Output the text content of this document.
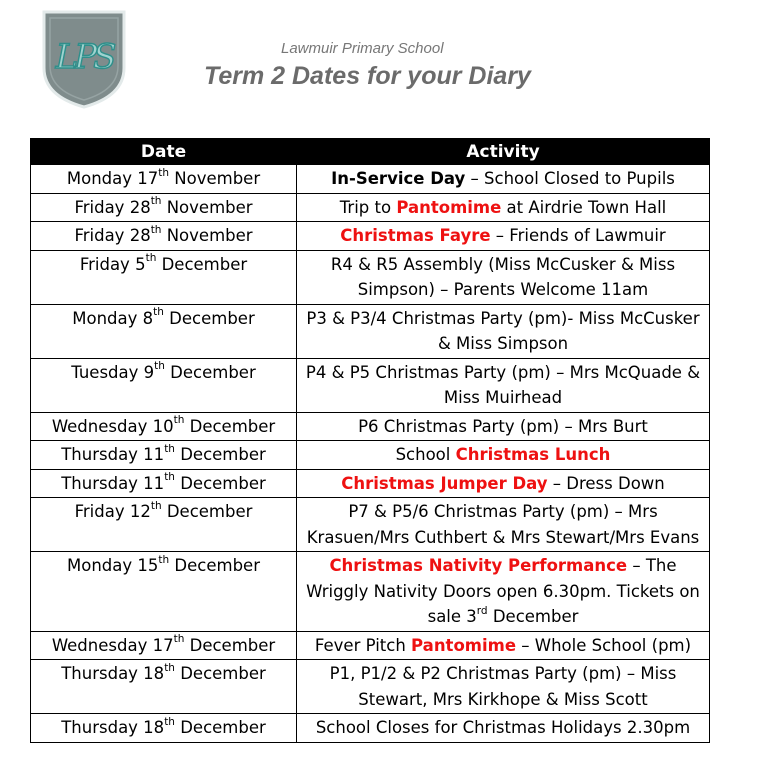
LPS	Lawmuir Primary School
Term 2 Dates for your Diary
Date	Activity
Monday 17th November	In-Service Day – School Closed to Pupils
Friday 28th November	Trip to Pantomime at Airdrie Town Hall
Friday 28th November	Christmas Fayre – Friends of Lawmuir
Friday 5th December	R4 & R5 Assembly (Miss McCusker & Miss Simpson) – Parents Welcome 11am
Monday 8th December	P3 & P3/4 Christmas Party (pm)- Miss McCusker & Miss Simpson
Tuesday 9th December	P4 & P5 Christmas Party (pm) – Mrs McQuade & Miss Muirhead
Wednesday 10th December	P6 Christmas Party (pm) – Mrs Burt
Thursday 11th December	School Christmas Lunch
Thursday 11th December	Christmas Jumper Day – Dress Down
Friday 12th December	P7 & P5/6 Christmas Party (pm) – Mrs Krasuen/Mrs Cuthbert & Mrs Stewart/Mrs Evans
Monday 15th December	Christmas Nativity Performance – The Wriggly Nativity Doors open 6.30pm. Tickets on sale 3rd December
Wednesday 17th December	Fever Pitch Pantomime – Whole School (pm)
Thursday 18th December	P1, P1/2 & P2 Christmas Party (pm) – Miss Stewart, Mrs Kirkhope & Miss Scott
Thursday 18th December	School Closes for Christmas Holidays 2.30pm
